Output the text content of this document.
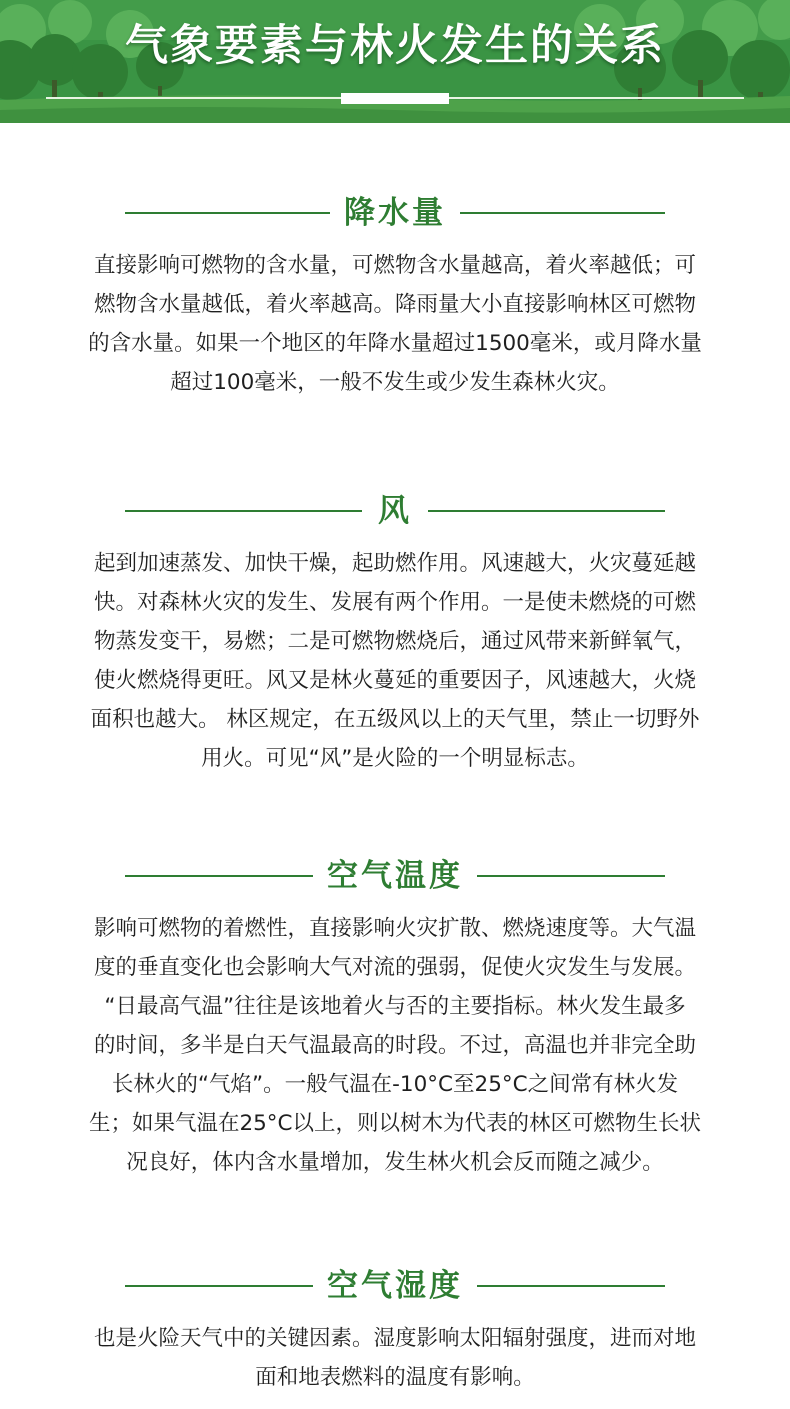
气象要素与林火发生的关系
降水量
直接影响可燃物的含水量，可燃物含水量越高，着火率越低；可
燃物含水量越低，着火率越高。降雨量大小直接影响林区可燃物
的含水量。如果一个地区的年降水量超过1500毫米，或月降水量
超过100毫米，一般不发生或少发生森林火灾。
风
起到加速蒸发、加快干燥，起助燃作用。风速越大，火灾蔓延越
快。对森林火灾的发生、发展有两个作用。一是使未燃烧的可燃
物蒸发变干，易燃；二是可燃物燃烧后，通过风带来新鲜氧气，
使火燃烧得更旺。风又是林火蔓延的重要因子，风速越大，火烧
面积也越大。 林区规定，在五级风以上的天气里，禁止一切野外
用火。可见“风”是火险的一个明显标志。
空气温度
影响可燃物的着燃性，直接影响火灾扩散、燃烧速度等。大气温
度的垂直变化也会影响大气对流的强弱，促使火灾发生与发展。
“日最高气温”往往是该地着火与否的主要指标。林火发生最多
的时间，多半是白天气温最高的时段。不过，高温也并非完全助
长林火的“气焰”。一般气温在-10°C至25°C之间常有林火发
生；如果气温在25°C以上，则以树木为代表的林区可燃物生长状
况良好，体内含水量增加，发生林火机会反而随之减少。
空气湿度
也是火险天气中的关键因素。湿度影响太阳辐射强度，进而对地
面和地表燃料的温度有影响。
